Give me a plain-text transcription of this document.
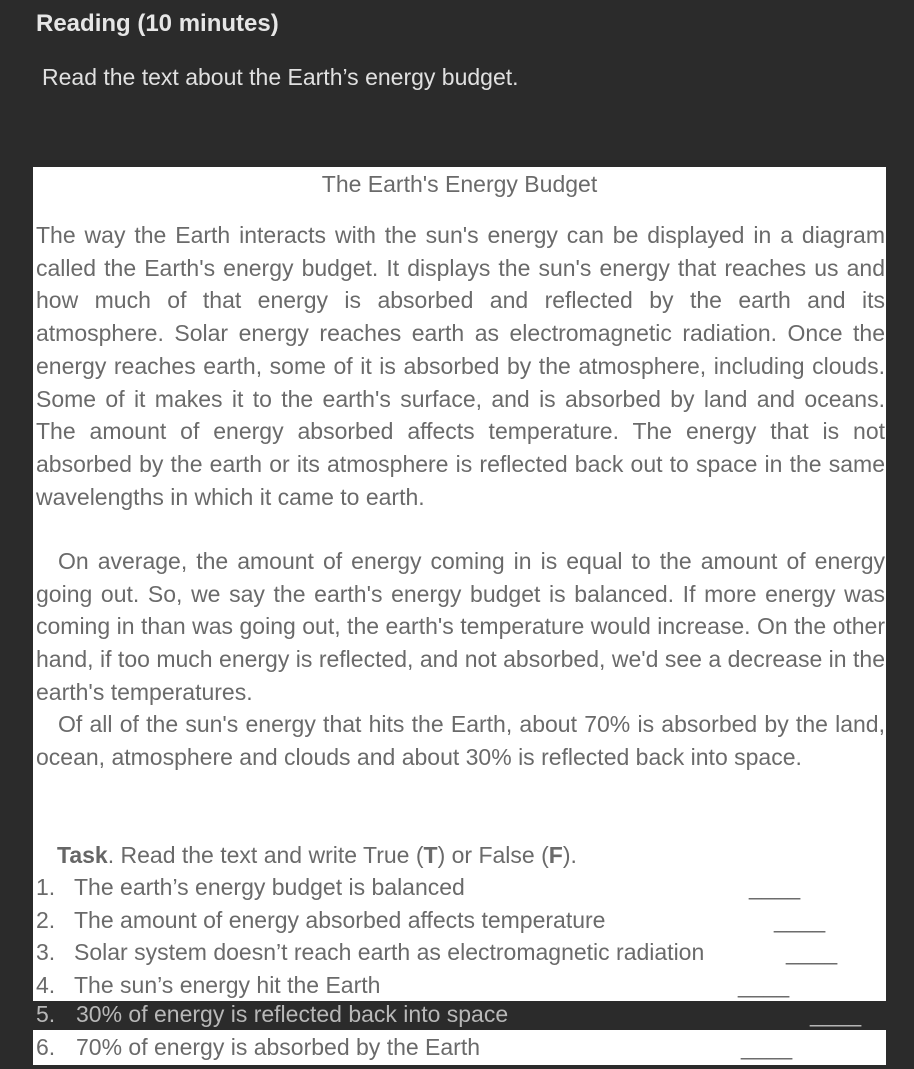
Reading (10 minutes)
Read the text about the Earth’s energy budget.
The Earth's Energy Budget

The way the Earth interacts with the sun's energy can be displayed in a diagram called the Earth's energy budget. It displays the sun's energy that reaches us and how much of that energy is absorbed and reflected by the earth and its atmosphere. Solar energy reaches earth as electromagnetic radiation. Once the energy reaches earth, some of it is absorbed by the atmosphere, including clouds. Some of it makes it to the earth's surface, and is absorbed by land and oceans. The amount of energy absorbed affects temperature. The energy that is not absorbed by the earth or its atmosphere is reflected back out to space in the same wavelengths in which it came to earth.

On average, the amount of energy coming in is equal to the amount of energy going out. So, we say the earth's energy budget is balanced. If more energy was coming in than was going out, the earth's temperature would increase. On the other hand, if too much energy is reflected, and not absorbed, we'd see a decrease in the earth's temperatures.

Of all of the sun's energy that hits the Earth, about 70% is absorbed by the land, ocean, atmosphere and clouds and about 30% is reflected back into space.

Task. Read the text and write True (T) or False (F).
1. The earth’s energy budget is balanced	____
2. The amount of energy absorbed affects temperature	____
3. Solar system doesn’t reach earth as electromagnetic radiation	____
4. The sun’s energy hit the Earth	____
5. 30% of energy is reflected back into space	____
6. 70% of energy is absorbed by the Earth	____
